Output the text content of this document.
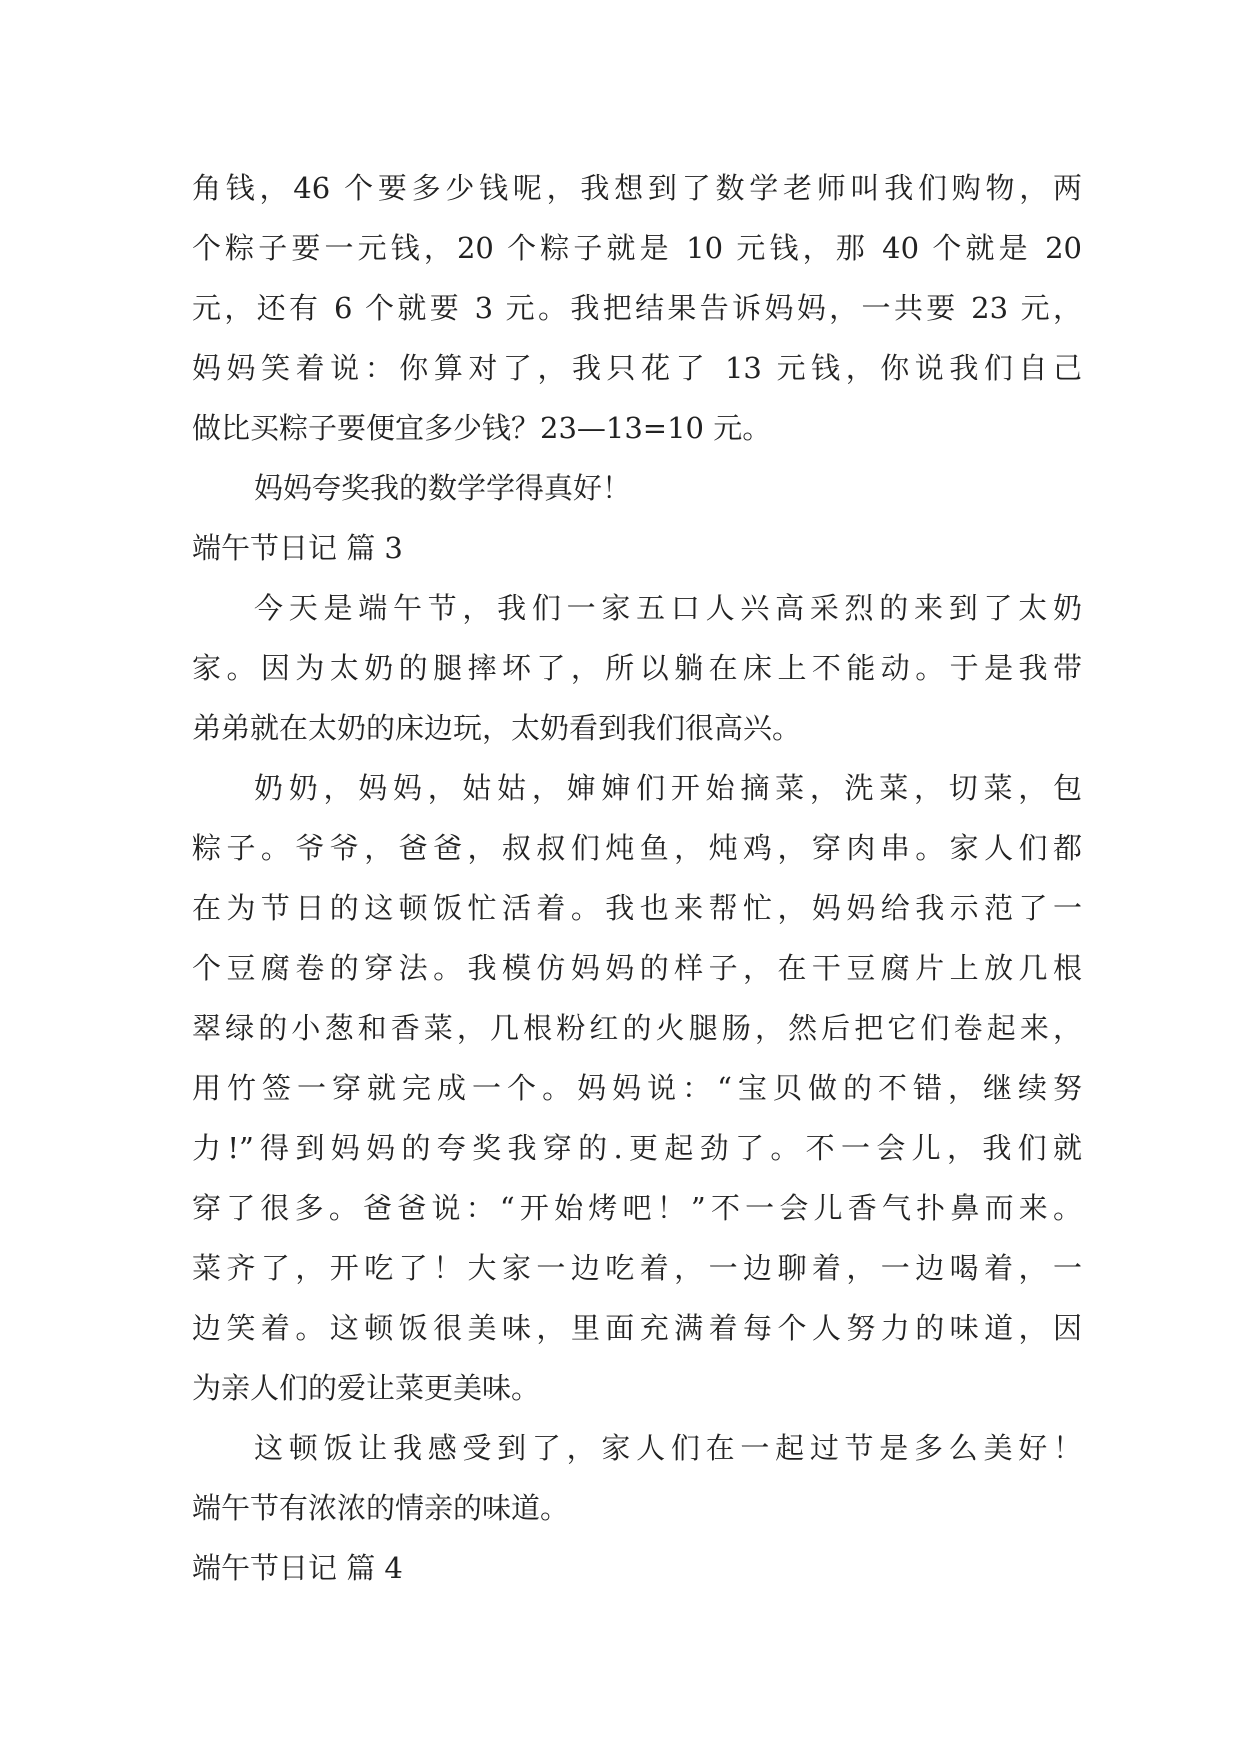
角钱，46 个要多少钱呢，我想到了数学老师叫我们购物，两
个粽子要一元钱，20 个粽子就是 10 元钱，那 40 个就是 20
元，还有 6 个就要 3 元。我把结果告诉妈妈，一共要 23 元，
妈妈笑着说：你算对了，我只花了 13 元钱，你说我们自己
做比买粽子要便宜多少钱？23—13=10 元。
妈妈夸奖我的数学学得真好！
端午节日记 篇 3
今天是端午节，我们一家五口人兴高采烈的来到了太奶
家。因为太奶的腿摔坏了，所以躺在床上不能动。于是我带
弟弟就在太奶的床边玩，太奶看到我们很高兴。
奶奶，妈妈，姑姑，婶婶们开始摘菜，洗菜，切菜，包
粽子。爷爷，爸爸，叔叔们炖鱼，炖鸡，穿肉串。家人们都
在为节日的这顿饭忙活着。我也来帮忙，妈妈给我示范了一
个豆腐卷的穿法。我模仿妈妈的样子，在干豆腐片上放几根
翠绿的小葱和香菜，几根粉红的火腿肠，然后把它们卷起来，
用竹签一穿就完成一个。妈妈说：“宝贝做的不错，继续努
力!”得到妈妈的夸奖我穿的.更起劲了。不一会儿，我们就
穿了很多。爸爸说：“开始烤吧！”不一会儿香气扑鼻而来。
菜齐了，开吃了！大家一边吃着，一边聊着，一边喝着，一
边笑着。这顿饭很美味，里面充满着每个人努力的味道，因
为亲人们的爱让菜更美味。
这顿饭让我感受到了，家人们在一起过节是多么美好！
端午节有浓浓的情亲的味道。
端午节日记 篇 4
